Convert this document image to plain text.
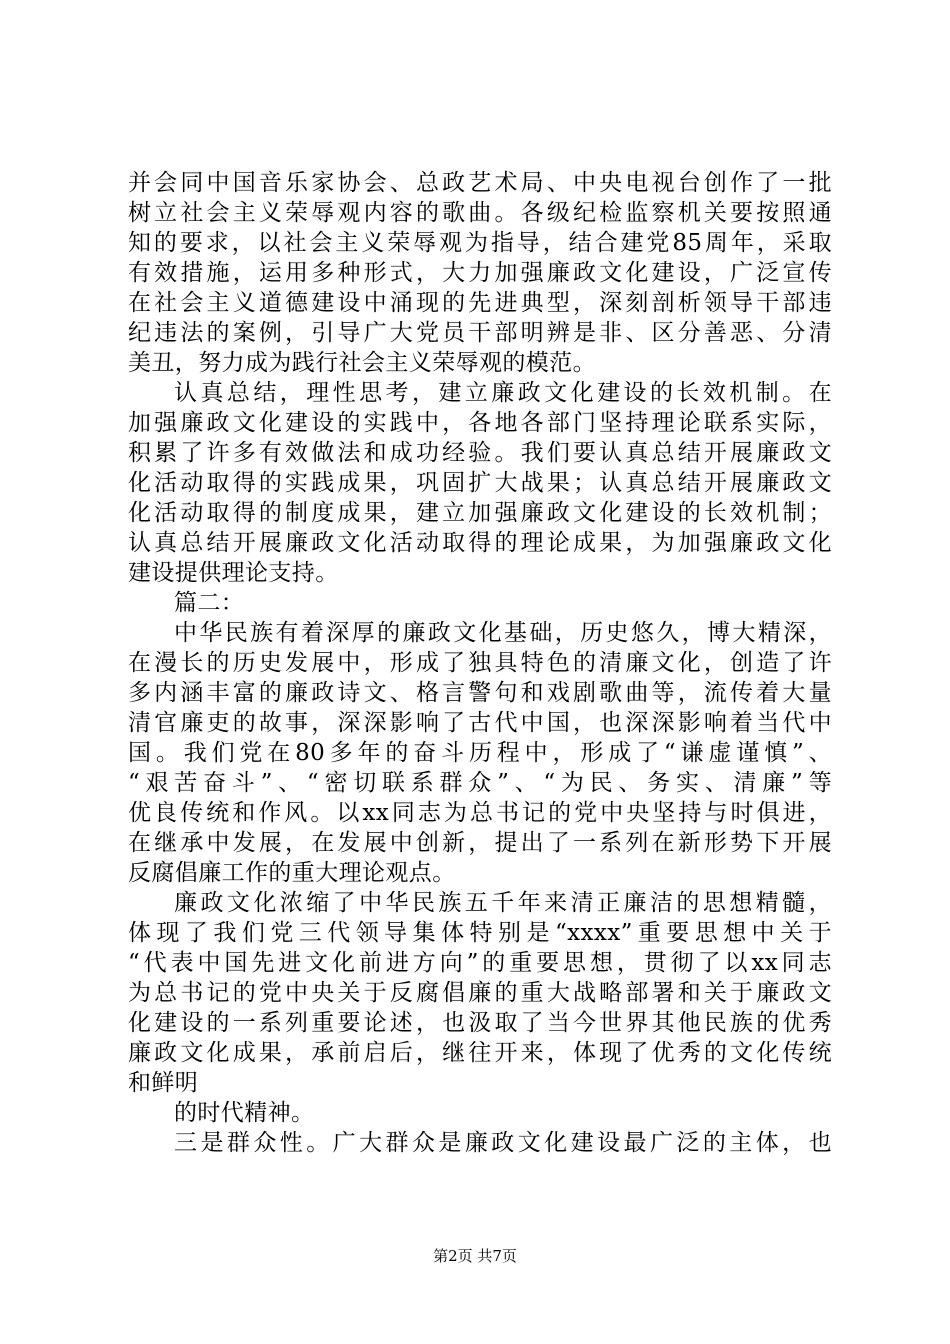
并会同中国音乐家协会、总政艺术局、中央电视台创作了一批
树立社会主义荣辱观内容的歌曲。各级纪检监察机关要按照通
知的要求，以社会主义荣辱观为指导，结合建党85周年，采取
有效措施，运用多种形式，大力加强廉政文化建设，广泛宣传
在社会主义道德建设中涌现的先进典型，深刻剖析领导干部违
纪违法的案例，引导广大党员干部明辨是非、区分善恶、分清
美丑，努力成为践行社会主义荣辱观的模范。
认真总结，理性思考，建立廉政文化建设的长效机制。在
加强廉政文化建设的实践中，各地各部门坚持理论联系实际，
积累了许多有效做法和成功经验。我们要认真总结开展廉政文
化活动取得的实践成果，巩固扩大战果；认真总结开展廉政文
化活动取得的制度成果，建立加强廉政文化建设的长效机制；
认真总结开展廉政文化活动取得的理论成果，为加强廉政文化
建设提供理论支持。
篇二：
中华民族有着深厚的廉政文化基础，历史悠久，博大精深，
在漫长的历史发展中，形成了独具特色的清廉文化，创造了许
多内涵丰富的廉政诗文、格言警句和戏剧歌曲等，流传着大量
清官廉吏的故事，深深影响了古代中国，也深深影响着当代中
国。我们党在80多年的奋斗历程中，形成了“谦虚谨慎”、
“艰苦奋斗”、“密切联系群众”、“为民、务实、清廉”等
优良传统和作风。以xx同志为总书记的党中央坚持与时俱进，
在继承中发展，在发展中创新，提出了一系列在新形势下开展
反腐倡廉工作的重大理论观点。
廉政文化浓缩了中华民族五千年来清正廉洁的思想精髓，
体现了我们党三代领导集体特别是“xxxx”重要思想中关于
“代表中国先进文化前进方向”的重要思想，贯彻了以xx同志
为总书记的党中央关于反腐倡廉的重大战略部署和关于廉政文
化建设的一系列重要论述，也汲取了当今世界其他民族的优秀
廉政文化成果，承前启后，继往开来，体现了优秀的文化传统
和鲜明
的时代精神。
三是群众性。广大群众是廉政文化建设最广泛的主体，也
第2页 共7页
